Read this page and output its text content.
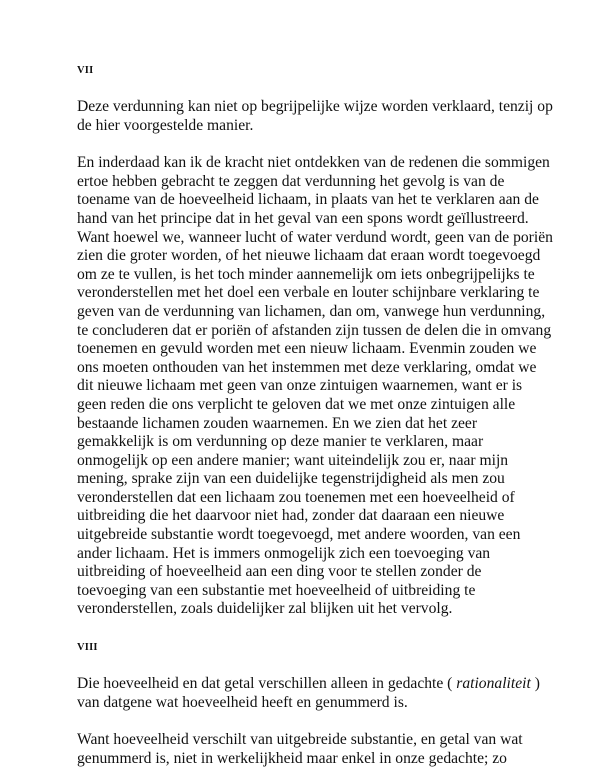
VII

Deze verdunning kan niet op begrijpelijke wijze worden verklaard, tenzij op
de hier voorgestelde manier.

En inderdaad kan ik de kracht niet ontdekken van de redenen die sommigen
ertoe hebben gebracht te zeggen dat verdunning het gevolg is van de
toename van de hoeveelheid lichaam, in plaats van het te verklaren aan de
hand van het principe dat in het geval van een spons wordt geïllustreerd.
Want hoewel we, wanneer lucht of water verdund wordt, geen van de poriën
zien die groter worden, of het nieuwe lichaam dat eraan wordt toegevoegd
om ze te vullen, is het toch minder aannemelijk om iets onbegrijpelijks te
veronderstellen met het doel een verbale en louter schijnbare verklaring te
geven van de verdunning van lichamen, dan om, vanwege hun verdunning,
te concluderen dat er poriën of afstanden zijn tussen de delen die in omvang
toenemen en gevuld worden met een nieuw lichaam. Evenmin zouden we
ons moeten onthouden van het instemmen met deze verklaring, omdat we
dit nieuwe lichaam met geen van onze zintuigen waarnemen, want er is
geen reden die ons verplicht te geloven dat we met onze zintuigen alle
bestaande lichamen zouden waarnemen. En we zien dat het zeer
gemakkelijk is om verdunning op deze manier te verklaren, maar
onmogelijk op een andere manier; want uiteindelijk zou er, naar mijn
mening, sprake zijn van een duidelijke tegenstrijdigheid als men zou
veronderstellen dat een lichaam zou toenemen met een hoeveelheid of
uitbreiding die het daarvoor niet had, zonder dat daaraan een nieuwe
uitgebreide substantie wordt toegevoegd, met andere woorden, van een
ander lichaam. Het is immers onmogelijk zich een toevoeging van
uitbreiding of hoeveelheid aan een ding voor te stellen zonder de
toevoeging van een substantie met hoeveelheid of uitbreiding te
veronderstellen, zoals duidelijker zal blijken uit het vervolg.

VIII

Die hoeveelheid en dat getal verschillen alleen in gedachte ( rationaliteit )
van datgene wat hoeveelheid heeft en genummerd is.

Want hoeveelheid verschilt van uitgebreide substantie, en getal van wat
genummerd is, niet in werkelijkheid maar enkel in onze gedachte; zo
